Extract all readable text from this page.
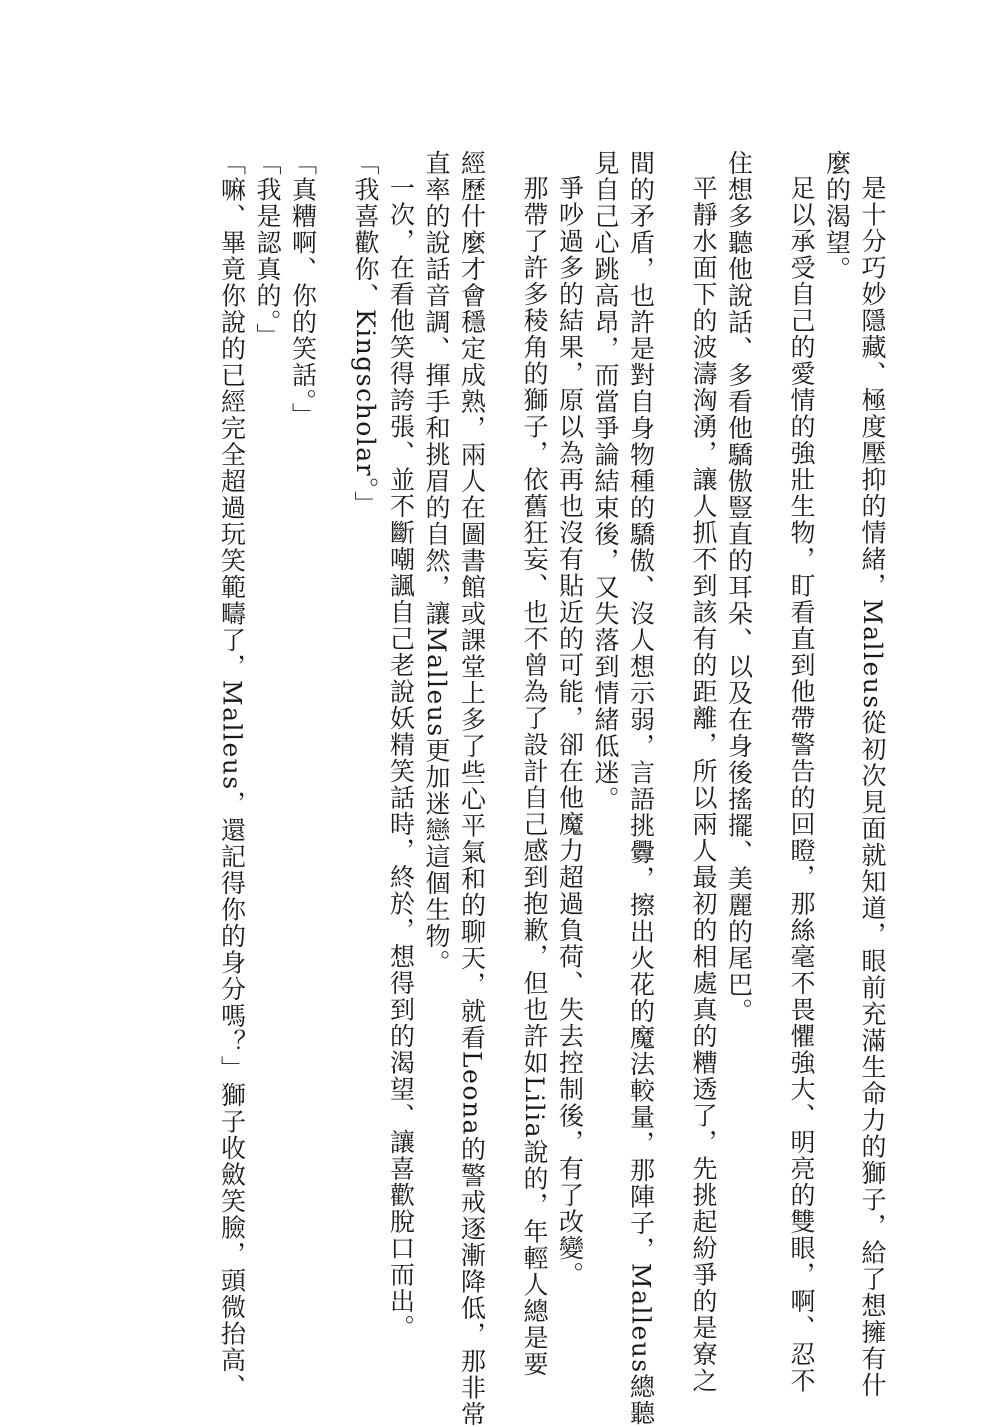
是十分巧妙隱藏、極度壓抑的情緒，Malleus從初次見面就知道，眼前充滿生命力的獅子，給了想擁有什

麼的渴望。

足以承受自己的愛情的強壯生物，盯看直到他帶警告的回瞪，那絲毫不畏懼強大、明亮的雙眼，啊、忍不

住想多聽他說話、多看他驕傲豎直的耳朵、以及在身後搖擺、美麗的尾巴。

平靜水面下的波濤洶湧，讓人抓不到該有的距離，所以兩人最初的相處真的糟透了，先挑起紛爭的是寮之

間的矛盾，也許是對自身物種的驕傲、沒人想示弱，言語挑釁，擦出火花的魔法較量，那陣子，Malleus總聽

見自己心跳高昂，而當爭論結束後，又失落到情緒低迷。

爭吵過多的結果，原以為再也沒有貼近的可能，卻在他魔力超過負荷、失去控制後，有了改變。

那帶了許多稜角的獅子，依舊狂妄、也不曾為了設計自己感到抱歉，但也許如Lilia說的，年輕人總是要

經歷什麼才會穩定成熟，兩人在圖書館或課堂上多了些心平氣和的聊天，就看Leona的警戒逐漸降低，那非常

直率的說話音調、揮手和挑眉的自然，讓Malleus更加迷戀這個生物。

一次，在看他笑得誇張、並不斷嘲諷自己老說妖精笑話時，終於，想得到的渴望、讓喜歡脫口而出。

「我喜歡你、Kingscholar。」

「真糟啊、你的笑話。」

「我是認真的。」

「嘛、畢竟你說的已經完全超過玩笑範疇了，Malleus，還記得你的身分嗎？」獅子收斂笑臉，頭微抬高、
